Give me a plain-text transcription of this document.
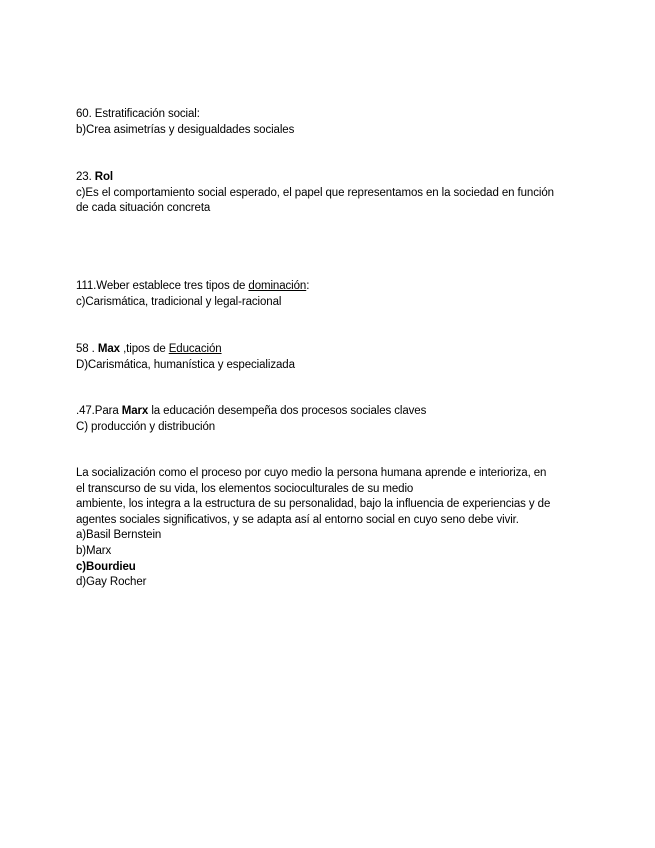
60. Estratificación social:
b)Crea asimetrías y desigualdades sociales
23. Rol
c)Es el comportamiento social esperado, el papel que representamos en la sociedad en función
de cada situación concreta
111.Weber establece tres tipos de dominación:
c)Carismática, tradicional y legal-racional
58 . Max ,tipos de Educación
D)Carismática, humanística y especializada
.47.Para Marx la educación desempeña dos procesos sociales claves
C) producción y distribución
La socialización como el proceso por cuyo medio la persona humana aprende e interioriza, en
el transcurso de su vida, los elementos socioculturales de su medio
ambiente, los integra a la estructura de su personalidad, bajo la influencia de experiencias y de
agentes sociales significativos, y se adapta así al entorno social en cuyo seno debe vivir.
a)Basil Bernstein
b)Marx
c)Bourdieu
d)Gay Rocher
